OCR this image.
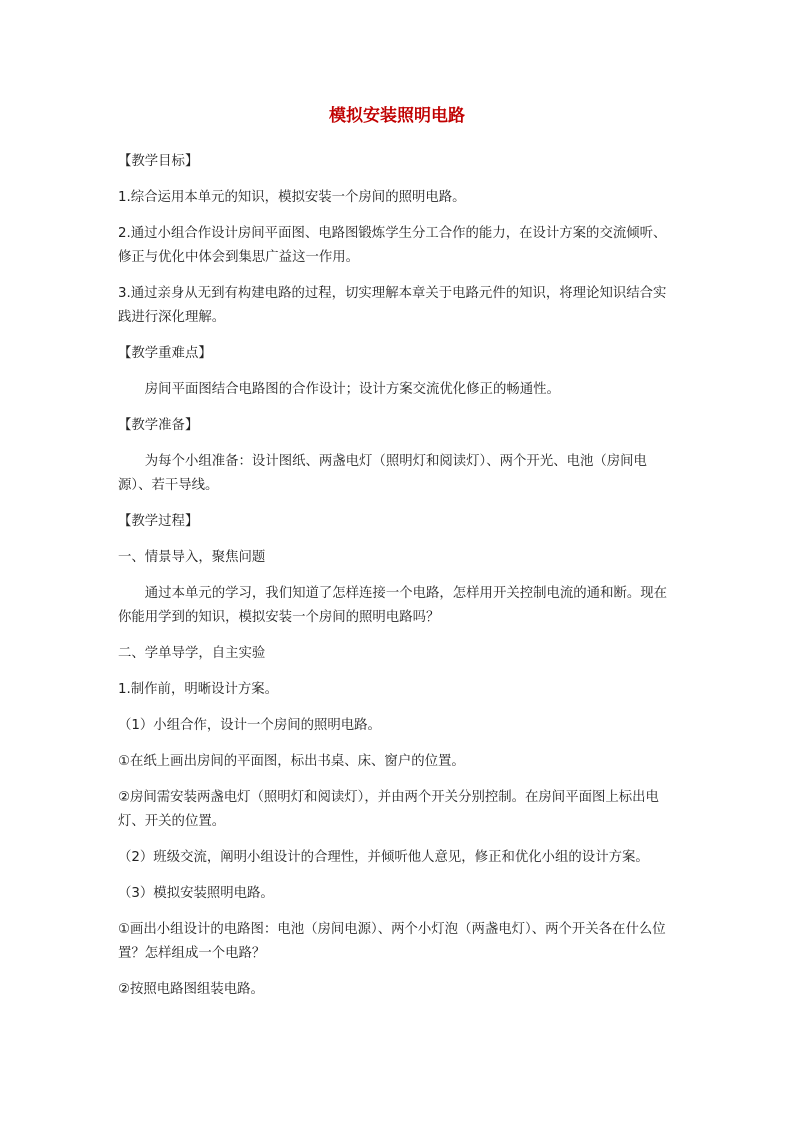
模拟安装照明电路

【教学目标】

1.综合运用本单元的知识，模拟安装一个房间的照明电路。

2.通过小组合作设计房间平面图、电路图锻炼学生分工合作的能力，在设计方案的交流倾听、修正与优化中体会到集思广益这一作用。

3.通过亲身从无到有构建电路的过程，切实理解本章关于电路元件的知识，将理论知识结合实践进行深化理解。

【教学重难点】

房间平面图结合电路图的合作设计；设计方案交流优化修正的畅通性。

【教学准备】

为每个小组准备：设计图纸、两盏电灯（照明灯和阅读灯）、两个开光、电池（房间电源）、若干导线。

【教学过程】

一、情景导入，聚焦问题

通过本单元的学习，我们知道了怎样连接一个电路，怎样用开关控制电流的通和断。现在你能用学到的知识，模拟安装一个房间的照明电路吗？

二、学单导学，自主实验

1.制作前，明晰设计方案。

（1）小组合作，设计一个房间的照明电路。

①在纸上画出房间的平面图，标出书桌、床、窗户的位置。

②房间需安装两盏电灯（照明灯和阅读灯），并由两个开关分别控制。在房间平面图上标出电灯、开关的位置。

（2）班级交流，阐明小组设计的合理性，并倾听他人意见，修正和优化小组的设计方案。

（3）模拟安装照明电路。

①画出小组设计的电路图：电池（房间电源）、两个小灯泡（两盏电灯）、两个开关各在什么位置？怎样组成一个电路？

②按照电路图组装电路。
